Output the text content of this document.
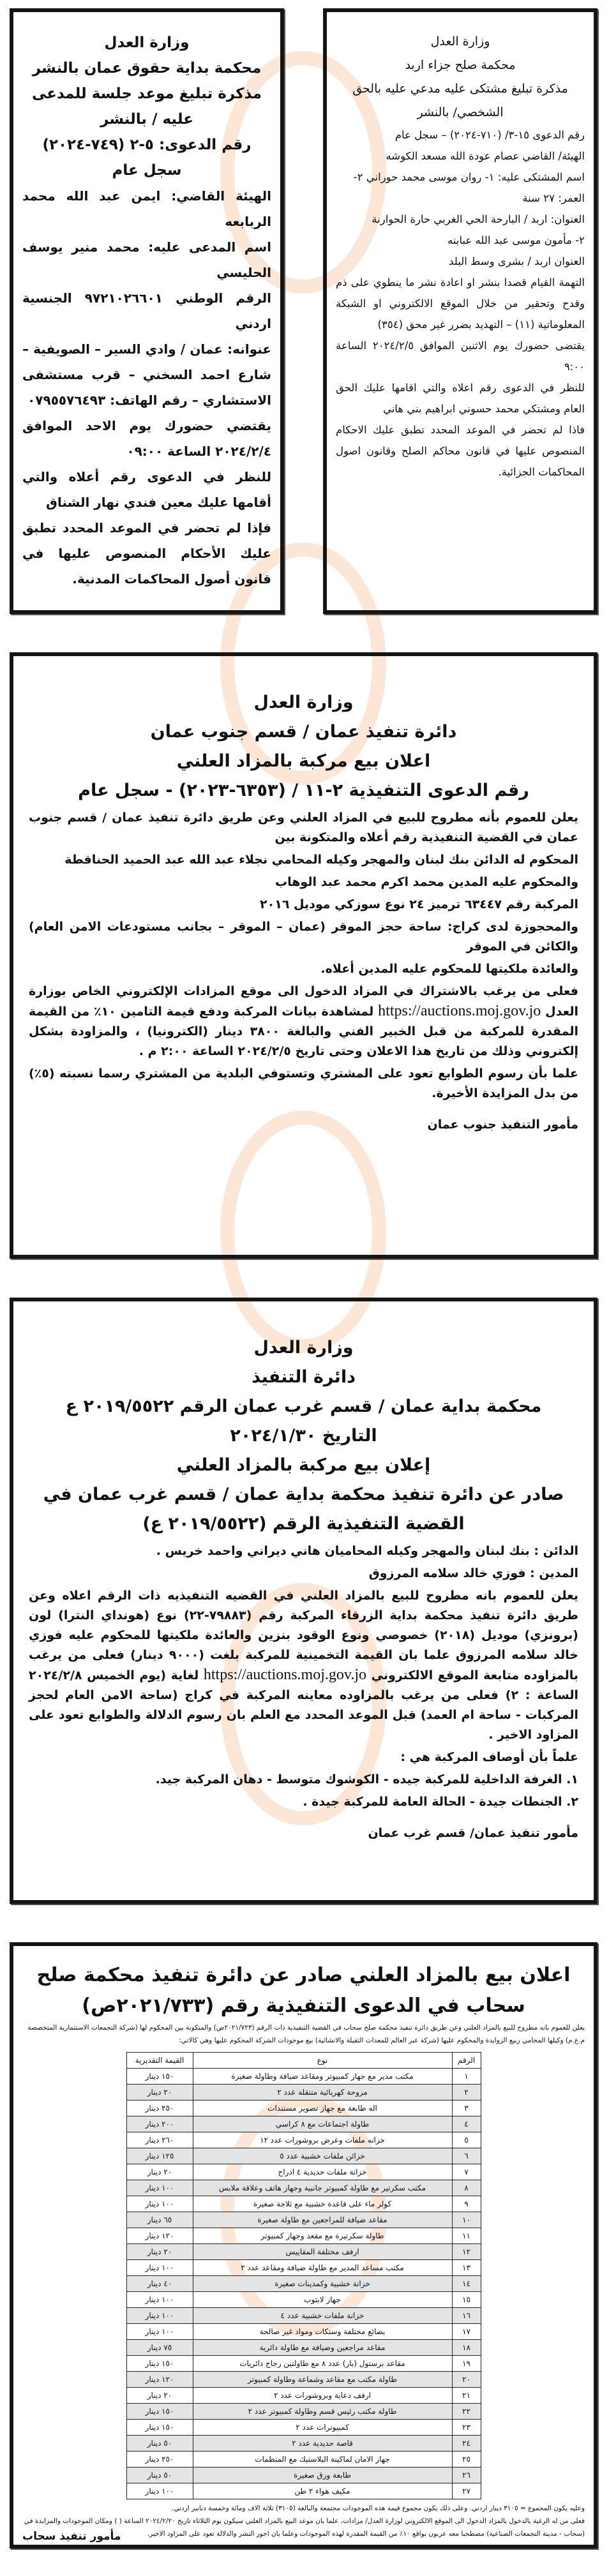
وزارة العدل

محكمة بداية حقوق عمان بالنشر

مذكرة تبليغ موعد جلسة للمدعى عليه / بالنشر

رقم الدعوى: ٥-٢ (٧٤٩-٢٠٢٤)

سجل عام

الهيئة القاضي: ايمن عبد الله محمد الربابعه

اسم المدعى عليه: محمد منير يوسف الحليسي

الرقم الوطني ٩٧٢١٠٢٦٦٠١ الجنسية اردني

عنوانه: عمان / وادي السير – الصويفية – شارع احمد السخني – قرب مستشفى الاستشاري – رقم الهاتف: ٠٧٩٥٥٧٦٤٩٣

يقتضي حضورك يوم الاحد الموافق ٢٠٢٤/٢/٤ الساعة ٠٩:٠٠

للنظر في الدعوى رقم أعلاه والتي أقامها عليك معين فندي نهار الشناق

فإذا لم تحضر في الموعد المحدد تطبق عليك الأحكام المنصوص عليها في قانون أصول المحاكمات المدنية.

وزارة العدل

محكمة صلح جزاء اربد

مذكرة تبليغ مشتكى عليه مدعي عليه بالحق الشخصي/ بالنشر

رقم الدعوى ١٥-٣/ (٧١٠-٢٠٢٤) – سجل عام

الهيئة/ القاضي عصام عودة الله مسعد الكوشه

اسم المشتكى عليه: ١- روان موسى محمد حوراني ٢-

العمر: ٢٧ سنة

العنوان: اربد / البارحة الحي الغربي حارة الحوارنة

٢- مأمون موسى عبد الله عبابنه

العنوان اربد / بشرى وسط البلد

التهمة القيام قصدا بنشر او اعادة نشر ما ينطوي على ذم وقدح وتحقير من خلال الموقع الالكتروني او الشبكة المعلوماتية (١١) – التهديد بضرر غير محق (٣٥٤)

يقتضى حضورك يوم الاثنين الموافق ٢٠٢٤/٢/٥ الساعة ٩:٠٠

للنظر في الدعوى رقم اعلاه والتي اقامها عليك الحق العام ومشتكي محمد حسوني ابراهيم بني هاني

فاذا لم تحضر في الموعد المحدد تطبق عليك الاحكام المنصوص عليها في قانون محاكم الصلح وقانون اصول المحاكمات الجزائية.

وزارة العدل

دائرة تنفيذ عمان / قسم جنوب عمان

اعلان بيع مركبة بالمزاد العلني

رقم الدعوى التنفيذية ٢-١١ / (٦٣٥٣-٢٠٢٣) - سجل عام

يعلن للعموم بأنه مطروح للبيع في المزاد العلني وعن طريق دائرة تنفيذ عمان / قسم جنوب عمان في القضية التنفيذية رقم أعلاه والمتكونة بين

المحكوم له الدائن بنك لبنان والمهجر وكيله المحامي نجلاء عبد الله عبد الحميد الحناقطة

والمحكوم عليه المدين محمد اكرم محمد عبد الوهاب

المركبة رقم ٦٣٤٤٧ ترميز ٢٤ نوع سوزكي موديل ٢٠١٦

والمحجوزة لدى كراج: ساحة حجز الموقر (عمان – الموقر – بجانب مستودعات الامن العام) والكائن في الموقر

والعائدة ملكيتها للمحكوم عليه المدين أعلاه.

فعلى من يرغب بالاشتراك في المزاد الدخول الى موقع المزادات الإلكتروني الخاص بوزارة العدل https://auctions.moj.gov.jo لمشاهدة بيانات المركبة ودفع قيمة التامين ١٠٪ من القيمة المقدرة للمركبة من قبل الخبير الفني والبالغة ٣٨٠٠ دينار (الكترونيا) ، والمزاودة بشكل إلكتروني وذلك من تاريخ هذا الاعلان وحتى تاريخ ٢٠٢٤/٢/٥ الساعة ٢:٠٠ م .

علما بأن رسوم الطوابع تعود على المشتري وتستوفي البلدية من المشتري رسما نسبته (٥٪) من بدل المزايدة الأخيرة.

مأمور التنفيذ جنوب عمان

وزارة العدل

دائرة التنفيذ

محكمة بداية عمان / قسم غرب عمان الرقم ٢٠١٩/٥٥٢٢ ع

التاريخ ٢٠٢٤/١/٣٠

إعلان بيع مركبة بالمزاد العلني

صادر عن دائرة تنفيذ محكمة بداية عمان / قسم غرب عمان في القضية التنفيذية الرقم (٢٠١٩/٥٥٢٢ ع)

الدائن : بنك لبنان والمهجر وكيله المحاميان هاني ديراني واحمد خريس .

المدين : فوزي خالد سلامه المرزوق

يعلن للعموم بانه مطروح للبيع بالمزاد العلني في القضيه التنفيذيه ذات الرقم اعلاه وعن طريق دائرة تنفيذ محكمة بداية الزرقاء المركبة رقم (٧٩٨٨٣-٢٢) نوع (هونداي النترا) لون (برونزي) موديل (٢٠١٨) خصوصي ونوع الوقود بنزين والعائدة ملكيتها للمحكوم عليه فوزي خالد سلامه المرزوق علما بان القيمة التخمينية للمركبة بلغت (٩٠٠٠ دينار) فعلى من يرغب بالمزاوده متابعة الموقع الالكتروني https://auctions.moj.gov.jo لغاية (يوم الخميس ٢٠٢٤/٢/٨ الساعة : ٢) فعلى من يرغب بالمزاوده معاينه المركبة في كراج (ساحة الامن العام لحجز المركبات - ساحة ام العمد) قبل الموعد المحدد مع العلم بان رسوم الدلالة والطوابع تعود على المزاود الاخير .

علماً بأن أوصاف المركبة هي :

١. الغرفة الداخلية للمركبة جيده - الكوشوك متوسط - دهان المركبة جيد.

٢. الجنطات جيدة - الحالة العامة للمركبة جيدة .

مأمور تنفيذ عمان/ قسم غرب عمان

اعلان بيع بالمزاد العلني صادر عن دائرة تنفيذ محكمة صلح سحاب في الدعوى التنفيذية رقم (٢٠٢١/٧٣٣ص)

يعلن للعموم بانه مطروح للبيع بالمزاد العلني وعن طريق دائرة تنفيذ محكمة صلح سحاب في القضية التنفيذية ذات الرقم (٢٠٢١/٧٢٣ص) والمتكونة بين المحكوم لها (شركة التجمعات الاستثمارية المتخصصة م.ع.م) وكيلها المحامي ربيع الزوايدة والمحكوم عليها (شركة عبر العالم للمعدات الثقيلة والانشائية) بيع موجودات الشركة المحكوم عليها وهي كالاتي:

الرقم	نوع	القيمة التقديرية
١	مكتب مدير مع جهاز كمبيوتر ومقاعد ضيافة وطاولة صغيرة	١٥٠ دينار
٢	مروحة كهربائية متنقلة عدد ٢	٢٠ دينار
٣	اله طابعة مع جهاز تصوير مستندات	٢٥٠ دينار
٤	طاولة اجتماعات مع ٨ كراسي	٢٠٠ دينار
٥	خزانه ملفات وعرض بروشورات عدد ١٢	٢٦٠ دينار
٦	خزائن ملفات خشبية عدد ٥	١٢٥ دينار
٧	خزانة ملفات حديدية ٤ ادراج	٢٠ دينار
٨	مكتب سكرتير مع طاولة كمبيوتر جانبية وجهاز هاتف وعلاقة ملابس	١٠٠ دينار
٩	كولر ماء على قاعدة خشبية مع ثلاجة صغيرة	١٠٠ دينار
١٠	مقاعد ضيافة للمراجعين مع طاولة صغيرة	٦٥ دينار
١١	طاولة سكرتيرة مع مقعد وجهاز كمبيوتر	١٢٠ دينار
١٢	ارفف مختلفة المقاييس	٢٠ دينار
١٣	مكتب مساعد المدير مع طاولة ضيافة ومقاعد عدد ٢	١٠٠ دينار
١٤	خزانة خشبية وكمدينات صغيرة	٤٠ دينار
١٥	جهاز لابتوب	١٠٠ دينار
١٦	خزانة ملفات خشبية عدد ٤	١٠٠ دينار
١٧	بضائع مختلفة وستكات ومواد غير صالحة	١٠٠ دينار
١٨	مقاعد مراجعين وضيافة مع طاولة دائرية	٧٥ دينار
١٩	مقاعد برستول (بار) عدد ٨ مع طاولتين زجاج دائريات	١٥٠ دينار
٢٠	طاولة مكتب مع مقاعد وشماعة وطاولة كمبيوتر	١٢٠ دينار
٢١	ارفف دعاية وبروشورات عدد ٢	٢٠ دينار
٢٢	طاولة مكتب رئيس قسم وطاولة كمبيوتر عدد ٢	١٥٠ دينار
٢٣	كمبيوترات عدد ٢	١٥٠ دينار
٢٤	قاصة حديدية عدد ٢	٥٠ دينار
٢٥	جهاز الامان لماكينة البلاستيك مع المنظمات	٢٥٠ دينار
٢٦	طابعة ورق صغيرة	٥٠ دينار
٢٧	مكيف هواء ٢ طن	١٠٠ دينار

وعليه يكون المجموع = ٣١٠٥ دينار اردني. وعلى ذلك يكون مجموع قيمة هذه الموجودات مجتمعة والبالغة (٣١٠٥) ثلاثة الاف ومائة وخمسة دنانير اردني.

فعلى من له الرغبة بالدخول بالمزاد الدخول الى الموقع الالكتروني لوزارة العدل/ مزادات، علما بان موعد البيع بالمزاد العلني سيكون يوم الثلاثاء تاريخ ٢٠٢٤/٢/٢٠ الساعة ( ) ومكان الموجودات والمزايدة في (سحاب - مدينة التجمعات الصناعية) مصطحبا معه عربون بواقع ١٠٪ من القيمة المقدرة لهذه الموجودات وعلما بان اجور النشر والدلالة تعود على المزاود الاخير.

مأمور تنفيذ سحاب
